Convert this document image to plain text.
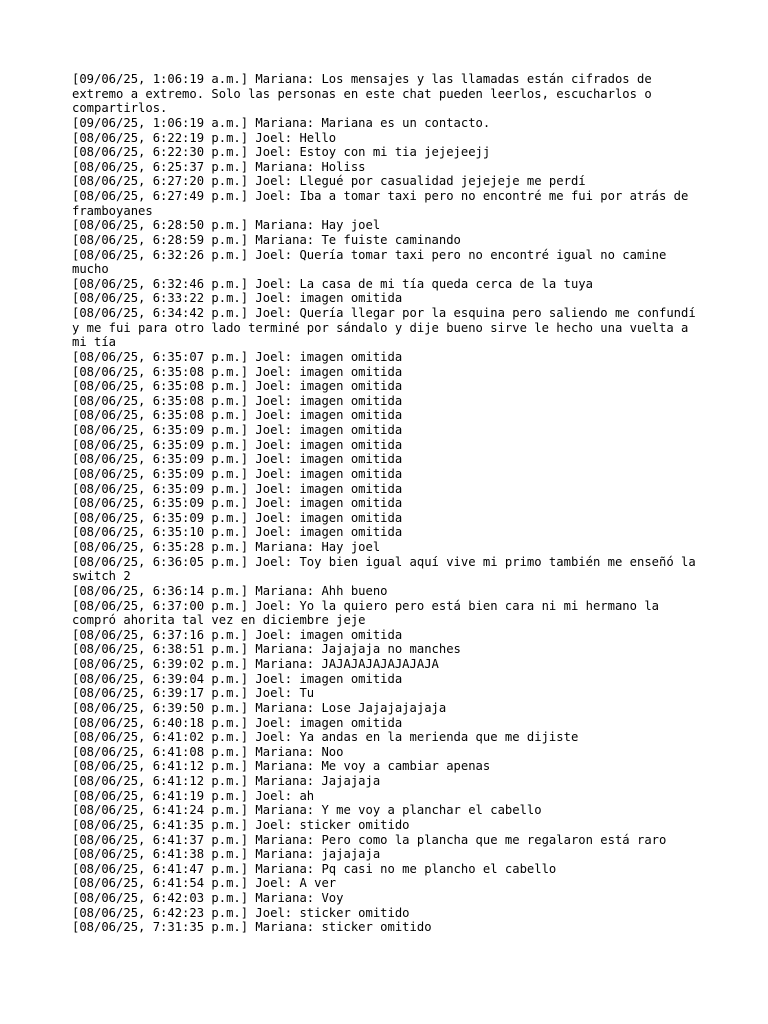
[09/06/25, 1:06:19 a.m.] Mariana: Los mensajes y las llamadas están cifrados de extremo a extremo. Solo las personas en este chat pueden leerlos, escucharlos o compartirlos.
[09/06/25, 1:06:19 a.m.] Mariana: Mariana es un contacto.
[08/06/25, 6:22:19 p.m.] Joel: Hello
[08/06/25, 6:22:30 p.m.] Joel: Estoy con mi tia jejejeejj
[08/06/25, 6:25:37 p.m.] Mariana: Holiss
[08/06/25, 6:27:20 p.m.] Joel: Llegué por casualidad jejejeje me perdí
[08/06/25, 6:27:49 p.m.] Joel: Iba a tomar taxi pero no encontré me fui por atrás de framboyanes
[08/06/25, 6:28:50 p.m.] Mariana: Hay joel
[08/06/25, 6:28:59 p.m.] Mariana: Te fuiste caminando
[08/06/25, 6:32:26 p.m.] Joel: Quería tomar taxi pero no encontré igual no camine mucho
[08/06/25, 6:32:46 p.m.] Joel: La casa de mi tía queda cerca de la tuya
[08/06/25, 6:33:22 p.m.] Joel: imagen omitida
[08/06/25, 6:34:42 p.m.] Joel: Quería llegar por la esquina pero saliendo me confundí y me fui para otro lado terminé por sándalo y dije bueno sirve le hecho una vuelta a mi tía
[08/06/25, 6:35:07 p.m.] Joel: imagen omitida
[08/06/25, 6:35:08 p.m.] Joel: imagen omitida
[08/06/25, 6:35:08 p.m.] Joel: imagen omitida
[08/06/25, 6:35:08 p.m.] Joel: imagen omitida
[08/06/25, 6:35:08 p.m.] Joel: imagen omitida
[08/06/25, 6:35:09 p.m.] Joel: imagen omitida
[08/06/25, 6:35:09 p.m.] Joel: imagen omitida
[08/06/25, 6:35:09 p.m.] Joel: imagen omitida
[08/06/25, 6:35:09 p.m.] Joel: imagen omitida
[08/06/25, 6:35:09 p.m.] Joel: imagen omitida
[08/06/25, 6:35:09 p.m.] Joel: imagen omitida
[08/06/25, 6:35:09 p.m.] Joel: imagen omitida
[08/06/25, 6:35:10 p.m.] Joel: imagen omitida
[08/06/25, 6:35:28 p.m.] Mariana: Hay joel
[08/06/25, 6:36:05 p.m.] Joel: Toy bien igual aquí vive mi primo también me enseñó la switch 2
[08/06/25, 6:36:14 p.m.] Mariana: Ahh bueno
[08/06/25, 6:37:00 p.m.] Joel: Yo la quiero pero está bien cara ni mi hermano la compró ahorita tal vez en diciembre jeje
[08/06/25, 6:37:16 p.m.] Joel: imagen omitida
[08/06/25, 6:38:51 p.m.] Mariana: Jajajaja no manches
[08/06/25, 6:39:02 p.m.] Mariana: JAJAJAJAJAJAJAJA
[08/06/25, 6:39:04 p.m.] Joel: imagen omitida
[08/06/25, 6:39:17 p.m.] Joel: Tu
[08/06/25, 6:39:50 p.m.] Mariana: Lose Jajajajajaja
[08/06/25, 6:40:18 p.m.] Joel: imagen omitida
[08/06/25, 6:41:02 p.m.] Joel: Ya andas en la merienda que me dijiste
[08/06/25, 6:41:08 p.m.] Mariana: Noo
[08/06/25, 6:41:12 p.m.] Mariana: Me voy a cambiar apenas
[08/06/25, 6:41:12 p.m.] Mariana: Jajajaja
[08/06/25, 6:41:19 p.m.] Joel: ah
[08/06/25, 6:41:24 p.m.] Mariana: Y me voy a planchar el cabello
[08/06/25, 6:41:35 p.m.] Joel: sticker omitido
[08/06/25, 6:41:37 p.m.] Mariana: Pero como la plancha que me regalaron está raro
[08/06/25, 6:41:38 p.m.] Mariana: jajajaja
[08/06/25, 6:41:47 p.m.] Mariana: Pq casi no me plancho el cabello
[08/06/25, 6:41:54 p.m.] Joel: A ver
[08/06/25, 6:42:03 p.m.] Mariana: Voy
[08/06/25, 6:42:23 p.m.] Joel: sticker omitido
[08/06/25, 7:31:35 p.m.] Mariana: sticker omitido
